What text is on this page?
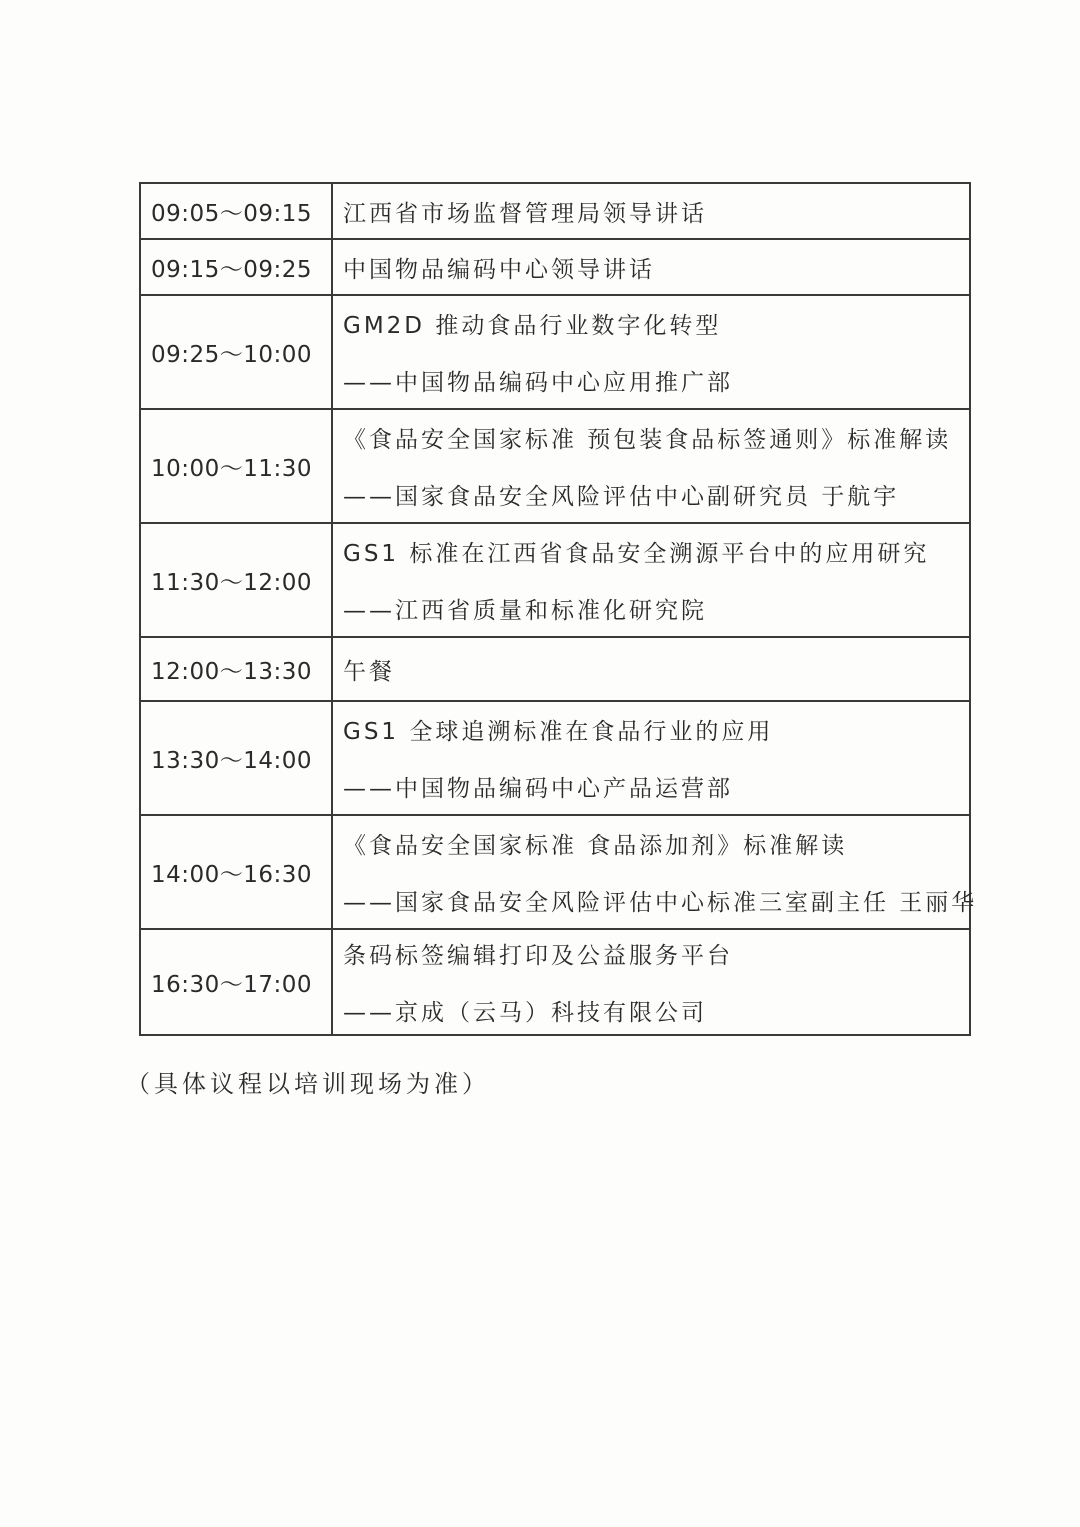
09:05～09:15	江西省市场监督管理局领导讲话

09:15～09:25	中国物品编码中心领导讲话

09:25～10:00	GM2D 推动食品行业数字化转型
——中国物品编码中心应用推广部

10:00～11:30	《食品安全国家标准 预包装食品标签通则》标准解读
——国家食品安全风险评估中心副研究员 于航宇

11:30～12:00	GS1 标准在江西省食品安全溯源平台中的应用研究
——江西省质量和标准化研究院

12:00～13:30	午餐

13:30～14:00	GS1 全球追溯标准在食品行业的应用
——中国物品编码中心产品运营部

14:00～16:30	《食品安全国家标准 食品添加剂》标准解读
——国家食品安全风险评估中心标准三室副主任 王丽华

16:30～17:00	条码标签编辑打印及公益服务平台
——京成（云马）科技有限公司
（具体议程以培训现场为准）
